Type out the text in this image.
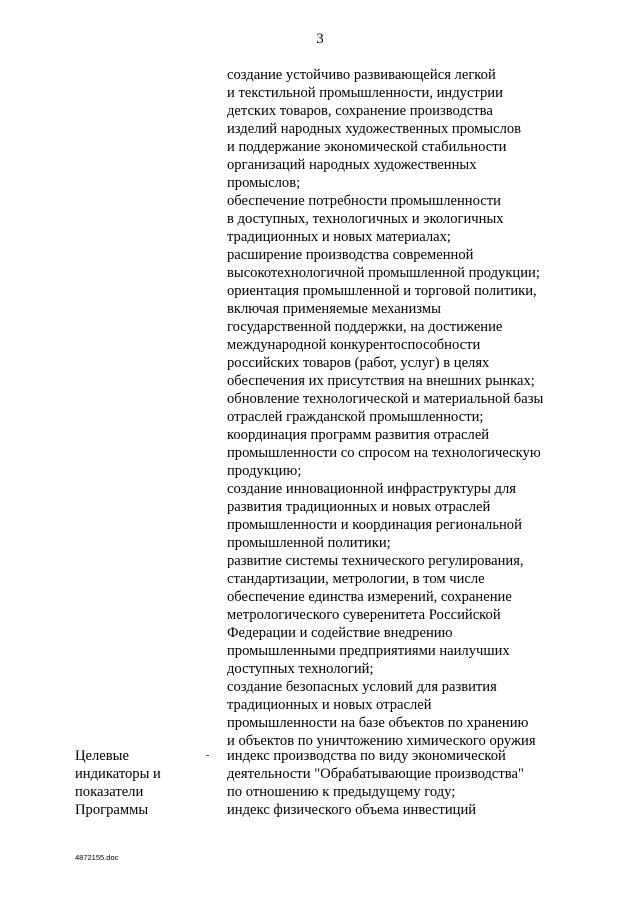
3
создание устойчиво развивающейся легкой
и текстильной промышленности, индустрии
детских товаров, сохранение производства
изделий народных художественных промыслов
и поддержание экономической стабильности
организаций народных художественных
промыслов;
обеспечение потребности промышленности
в доступных, технологичных и экологичных
традиционных и новых материалах;
расширение производства современной
высокотехнологичной промышленной продукции;
ориентация промышленной и торговой политики,
включая применяемые механизмы
государственной поддержки, на достижение
международной конкурентоспособности
российских товаров (работ, услуг) в целях
обеспечения их присутствия на внешних рынках;
обновление технологической и материальной базы
отраслей гражданской промышленности;
координация программ развития отраслей
промышленности со спросом на технологическую
продукцию;
создание инновационной инфраструктуры для
развития традиционных и новых отраслей
промышленности и координация региональной
промышленной политики;
развитие системы технического регулирования,
стандартизации, метрологии, в том числе
обеспечение единства измерений, сохранение
метрологического суверенитета Российской
Федерации и содействие внедрению
промышленными предприятиями наилучших
доступных технологий;
создание безопасных условий для развития
традиционных и новых отраслей
промышленности на базе объектов по хранению
и объектов по уничтожению химического оружия
Целевые
индикаторы и
показатели
Программы
- индекс производства по виду экономической
деятельности "Обрабатывающие производства"
по отношению к предыдущему году;
индекс физического объема инвестиций
4872155.doc
